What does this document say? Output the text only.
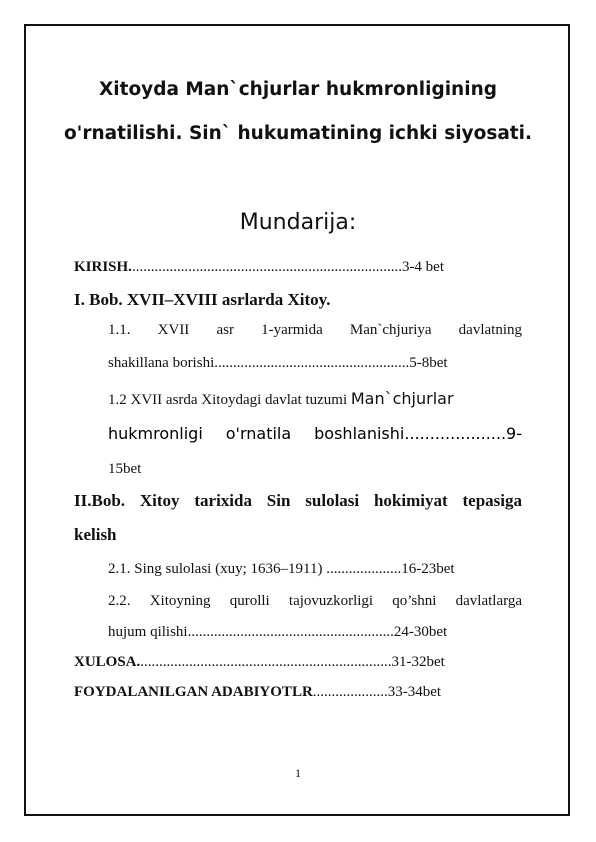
Xitoyda Man`chjurlar hukmronligining o'rnatilishi. Sin` hukumatining ichki siyosati.
Mundarija:
KIRISH.........................................................................3-4 bet
I. Bob. XVII–XVIII asrlarda Xitoy.
1.1. XVII asr 1-yarmida Man`chjuriya davlatning
shakillana borishi....................................................5-8bet
1.2 XVII asrda Xitoydagi davlat tuzumi Man`chjurlar
hukmronligi o'rnatila boshlanishi....................9-
15bet
II.Bob. Xitoy tarixida Sin sulolasi hokimiyat tepasiga
kelish
2.1. Sing sulolasi (xuy; 1636–1911) ....................16-23bet
2.2. Xitoyning qurolli tajovuzkorligi qo’shni davlatlarga
hujum qilishi.......................................................24-30bet
XULOSA....................................................................31-32bet
FOYDALANILGAN ADABIYOTLR....................33-34bet
1
